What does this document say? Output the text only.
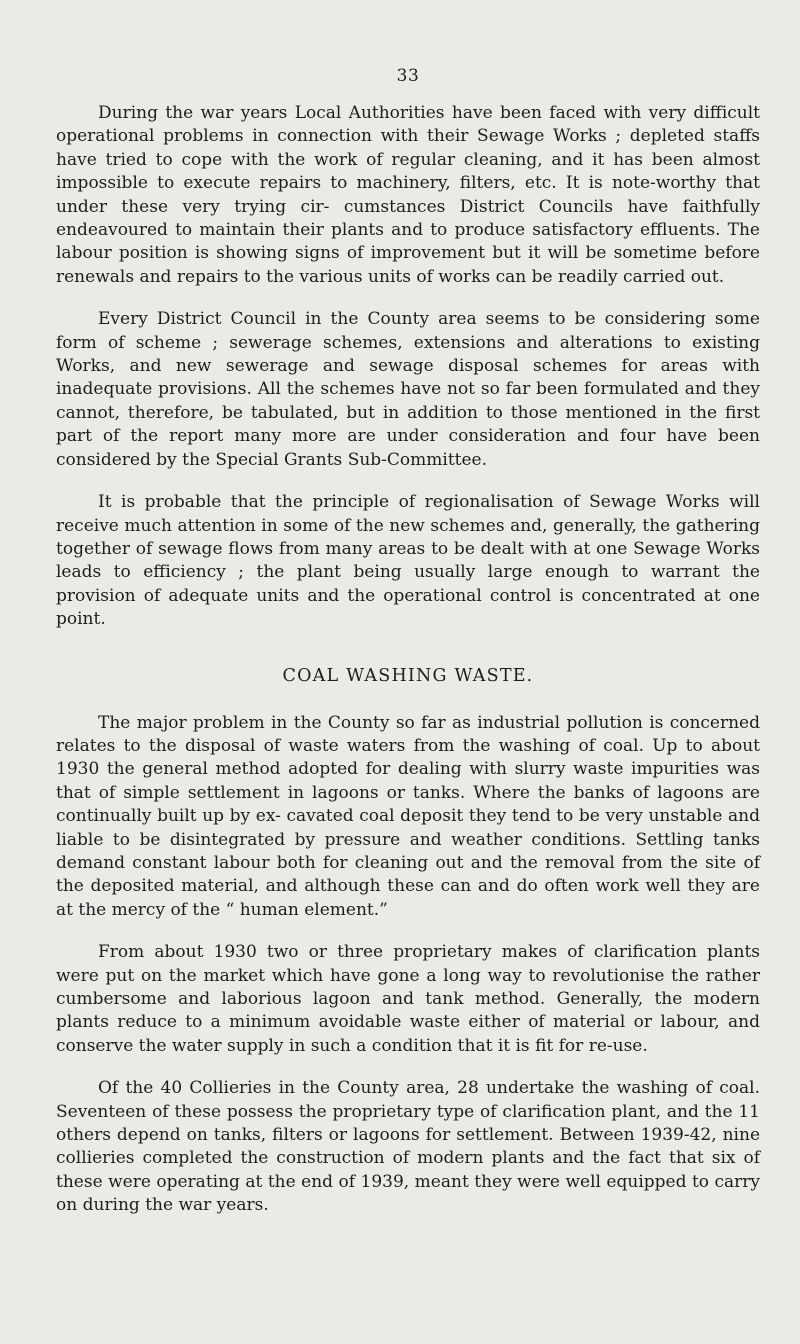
33

During the war years Local Authorities have been faced with very difficult operational problems in connection with their Sewage Works ; depleted staffs have tried to cope with the work of regular cleaning, and it has been almost impossible to execute repairs to machinery, filters, etc. It is note-worthy that under these very trying cir- cumstances District Councils have faithfully endeavoured to maintain their plants and to produce satisfactory effluents. The labour position is showing signs of improvement but it will be sometime before renewals and repairs to the various units of works can be readily carried out.

Every District Council in the County area seems to be considering some form of scheme ; sewerage schemes, extensions and alterations to existing Works, and new sewerage and sewage disposal schemes for areas with inadequate provisions. All the schemes have not so far been formulated and they cannot, therefore, be tabulated, but in addition to those mentioned in the first part of the report many more are under consideration and four have been considered by the Special Grants Sub-Committee.

It is probable that the principle of regionalisation of Sewage Works will receive much attention in some of the new schemes and, generally, the gathering together of sewage flows from many areas to be dealt with at one Sewage Works leads to efficiency ; the plant being usually large enough to warrant the provision of adequate units and the operational control is concentrated at one point.

COAL WASHING WASTE.

The major problem in the County so far as industrial pollution is concerned relates to the disposal of waste waters from the washing of coal. Up to about 1930 the general method adopted for dealing with slurry waste impurities was that of simple settlement in lagoons or tanks. Where the banks of lagoons are continually built up by ex- cavated coal deposit they tend to be very unstable and liable to be disintegrated by pressure and weather conditions. Settling tanks demand constant labour both for cleaning out and the removal from the site of the deposited material, and although these can and do often work well they are at the mercy of the “ human element.”

From about 1930 two or three proprietary makes of clarification plants were put on the market which have gone a long way to revolutionise the rather cumbersome and laborious lagoon and tank method. Generally, the modern plants reduce to a minimum avoidable waste either of material or labour, and conserve the water supply in such a condition that it is fit for re-use.

Of the 40 Collieries in the County area, 28 undertake the washing of coal. Seventeen of these possess the proprietary type of clarification plant, and the 11 others depend on tanks, filters or lagoons for settlement. Between 1939-42, nine collieries completed the construction of modern plants and the fact that six of these were operating at the end of 1939, meant they were well equipped to carry on during the war years.
